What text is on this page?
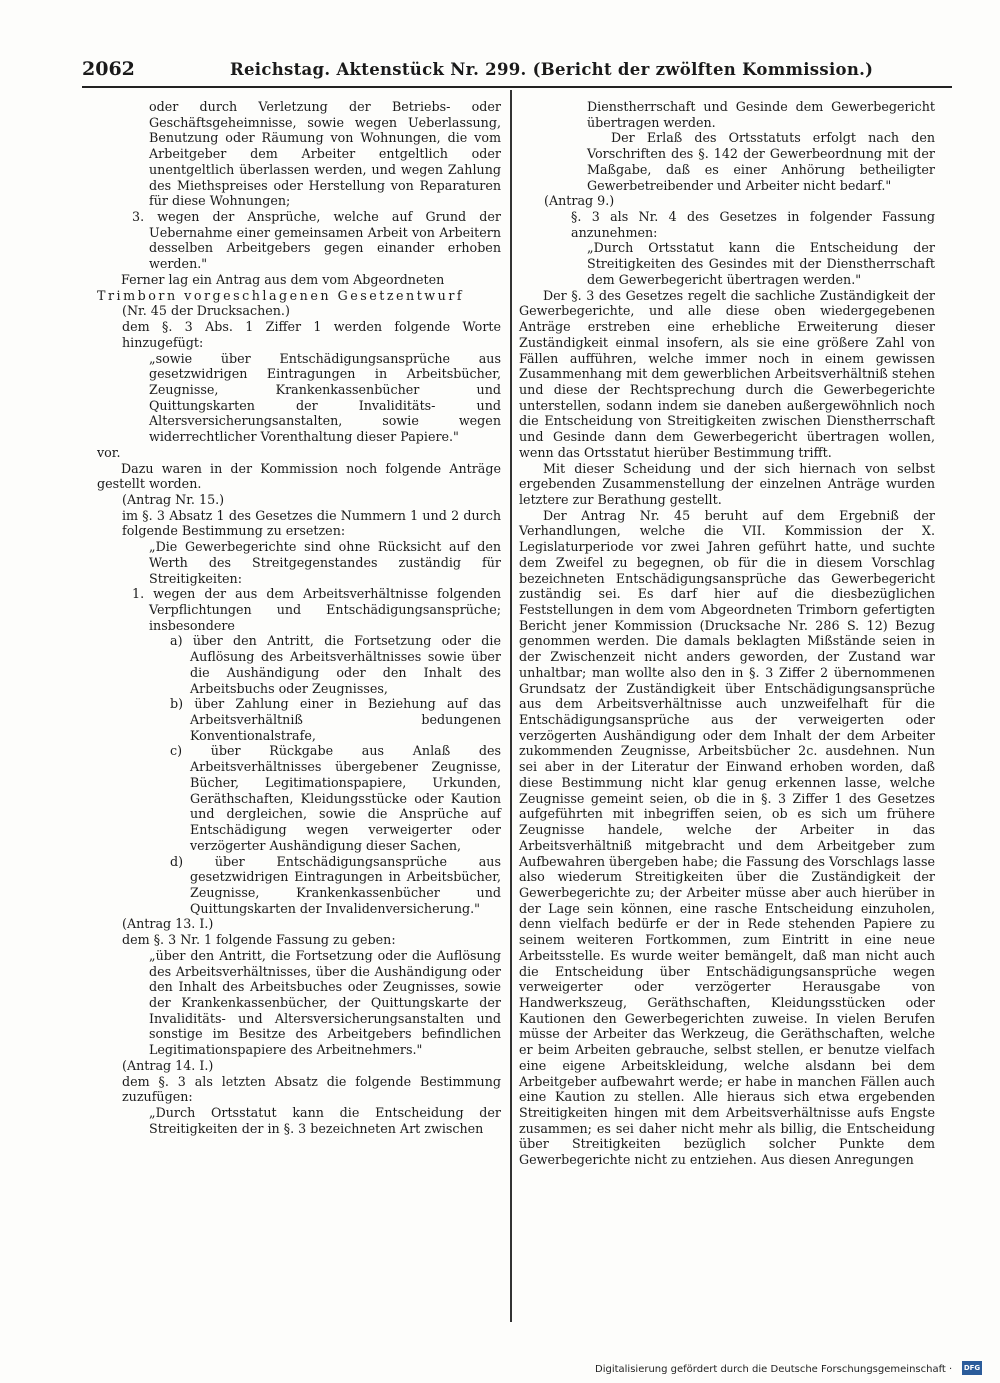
2062	Reichstag. Aktenstück Nr. 299. (Bericht der zwölften Kommission.)

oder durch Verletzung der Betriebs- oder Geschäftsgeheimnisse, sowie wegen Ueberlassung, Benutzung oder Räumung von Wohnungen, die vom Arbeitgeber dem Arbeiter entgeltlich oder unentgeltlich überlassen werden, und wegen Zahlung des Miethspreises oder Herstellung von Reparaturen für diese Wohnungen;

3. wegen der Ansprüche, welche auf Grund der Uebernahme einer gemeinsamen Arbeit von Arbeitern desselben Arbeitgebers gegen einander erhoben werden."

Ferner lag ein Antrag aus dem vom Abgeordneten

Trimborn vorgeschlagenen Gesetzentwurf

(Nr. 45 der Drucksachen.)

dem §. 3 Abs. 1 Ziffer 1 werden folgende Worte hinzugefügt:

„sowie über Entschädigungsansprüche aus gesetzwidrigen Eintragungen in Arbeitsbücher, Zeugnisse, Krankenkassenbücher und Quittungskarten der Invaliditäts- und Altersversicherungsanstalten, sowie wegen widerrechtlicher Vorenthaltung dieser Papiere."

vor.

Dazu waren in der Kommission noch folgende Anträge gestellt worden.

(Antrag Nr. 15.)

im §. 3 Absatz 1 des Gesetzes die Nummern 1 und 2 durch folgende Bestimmung zu ersetzen:

„Die Gewerbegerichte sind ohne Rücksicht auf den Werth des Streitgegenstandes zuständig für Streitigkeiten:

1. wegen der aus dem Arbeitsverhältnisse folgenden Verpflichtungen und Entschädigungsansprüche; insbesondere

a) über den Antritt, die Fortsetzung oder die Auflösung des Arbeitsverhältnisses sowie über die Aushändigung oder den Inhalt des Arbeitsbuchs oder Zeugnisses,

b) über Zahlung einer in Beziehung auf das Arbeitsverhältniß bedungenen Konventionalstrafe,

c) über Rückgabe aus Anlaß des Arbeitsverhältnisses übergebener Zeugnisse, Bücher, Legitimationspapiere, Urkunden, Geräthschaften, Kleidungsstücke oder Kaution und dergleichen, sowie die Ansprüche auf Entschädigung wegen verweigerter oder verzögerter Aushändigung dieser Sachen,

d) über Entschädigungsansprüche aus gesetzwidrigen Eintragungen in Arbeitsbücher, Zeugnisse, Krankenkassenbücher und Quittungskarten der Invalidenversicherung."

(Antrag 13. I.)

dem §. 3 Nr. 1 folgende Fassung zu geben:

„über den Antritt, die Fortsetzung oder die Auflösung des Arbeitsverhältnisses, über die Aushändigung oder den Inhalt des Arbeitsbuches oder Zeugnisses, sowie der Krankenkassenbücher, der Quittungskarte der Invaliditäts- und Altersversicherungsanstalten und sonstige im Besitze des Arbeitgebers befindlichen Legitimationspapiere des Arbeitnehmers."

(Antrag 14. I.)

dem §. 3 als letzten Absatz die folgende Bestimmung zuzufügen:

„Durch Ortsstatut kann die Entscheidung der Streitigkeiten der in §. 3 bezeichneten Art zwischen

Dienstherrschaft und Gesinde dem Gewerbegericht übertragen werden.

Der Erlaß des Ortsstatuts erfolgt nach den Vorschriften des §. 142 der Gewerbeordnung mit der Maßgabe, daß es einer Anhörung betheiligter Gewerbetreibender und Arbeiter nicht bedarf."

(Antrag 9.)

§. 3 als Nr. 4 des Gesetzes in folgender Fassung anzunehmen:

„Durch Ortsstatut kann die Entscheidung der Streitigkeiten des Gesindes mit der Dienstherrschaft dem Gewerbegericht übertragen werden."

Der §. 3 des Gesetzes regelt die sachliche Zuständigkeit der Gewerbegerichte, und alle diese oben wiedergegebenen Anträge erstreben eine erhebliche Erweiterung dieser Zuständigkeit einmal insofern, als sie eine größere Zahl von Fällen aufführen, welche immer noch in einem gewissen Zusammenhang mit dem gewerblichen Arbeitsverhältniß stehen und diese der Rechtsprechung durch die Gewerbegerichte unterstellen, sodann indem sie daneben außergewöhnlich noch die Entscheidung von Streitigkeiten zwischen Dienstherrschaft und Gesinde dann dem Gewerbegericht übertragen wollen, wenn das Ortsstatut hierüber Bestimmung trifft.

Mit dieser Scheidung und der sich hiernach von selbst ergebenden Zusammenstellung der einzelnen Anträge wurden letztere zur Berathung gestellt.

Der Antrag Nr. 45 beruht auf dem Ergebniß der Verhandlungen, welche die VII. Kommission der X. Legislaturperiode vor zwei Jahren geführt hatte, und suchte dem Zweifel zu begegnen, ob für die in diesem Vorschlag bezeichneten Entschädigungsansprüche das Gewerbegericht zuständig sei. Es darf hier auf die diesbezüglichen Feststellungen in dem vom Abgeordneten Trimborn gefertigten Bericht jener Kommission (Drucksache Nr. 286 S. 12) Bezug genommen werden. Die damals beklagten Mißstände seien in der Zwischenzeit nicht anders geworden, der Zustand war unhaltbar; man wollte also den in §. 3 Ziffer 2 übernommenen Grundsatz der Zuständigkeit über Entschädigungsansprüche aus dem Arbeitsverhältnisse auch unzweifelhaft für die Entschädigungsansprüche aus der verweigerten oder verzögerten Aushändigung oder dem Inhalt der dem Arbeiter zukommenden Zeugnisse, Arbeitsbücher 2c. ausdehnen. Nun sei aber in der Literatur der Einwand erhoben worden, daß diese Bestimmung nicht klar genug erkennen lasse, welche Zeugnisse gemeint seien, ob die in §. 3 Ziffer 1 des Gesetzes aufgeführten mit inbegriffen seien, ob es sich um frühere Zeugnisse handele, welche der Arbeiter in das Arbeitsverhältniß mitgebracht und dem Arbeitgeber zum Aufbewahren übergeben habe; die Fassung des Vorschlags lasse also wiederum Streitigkeiten über die Zuständigkeit der Gewerbegerichte zu; der Arbeiter müsse aber auch hierüber in der Lage sein können, eine rasche Entscheidung einzuholen, denn vielfach bedürfe er der in Rede stehenden Papiere zu seinem weiteren Fortkommen, zum Eintritt in eine neue Arbeitsstelle. Es wurde weiter bemängelt, daß man nicht auch die Entscheidung über Entschädigungsansprüche wegen verweigerter oder verzögerter Herausgabe von Handwerkszeug, Geräthschaften, Kleidungsstücken oder Kautionen den Gewerbegerichten zuweise. In vielen Berufen müsse der Arbeiter das Werkzeug, die Geräthschaften, welche er beim Arbeiten gebrauche, selbst stellen, er benutze vielfach eine eigene Arbeitskleidung, welche alsdann bei dem Arbeitgeber aufbewahrt werde; er habe in manchen Fällen auch eine Kaution zu stellen. Alle hieraus sich etwa ergebenden Streitigkeiten hingen mit dem Arbeitsverhältnisse aufs Engste zusammen; es sei daher nicht mehr als billig, die Entscheidung über Streitigkeiten bezüglich solcher Punkte dem Gewerbegerichte nicht zu entziehen. Aus diesen Anregungen

Digitalisierung gefördert durch die Deutsche Forschungsgemeinschaft · DFG
